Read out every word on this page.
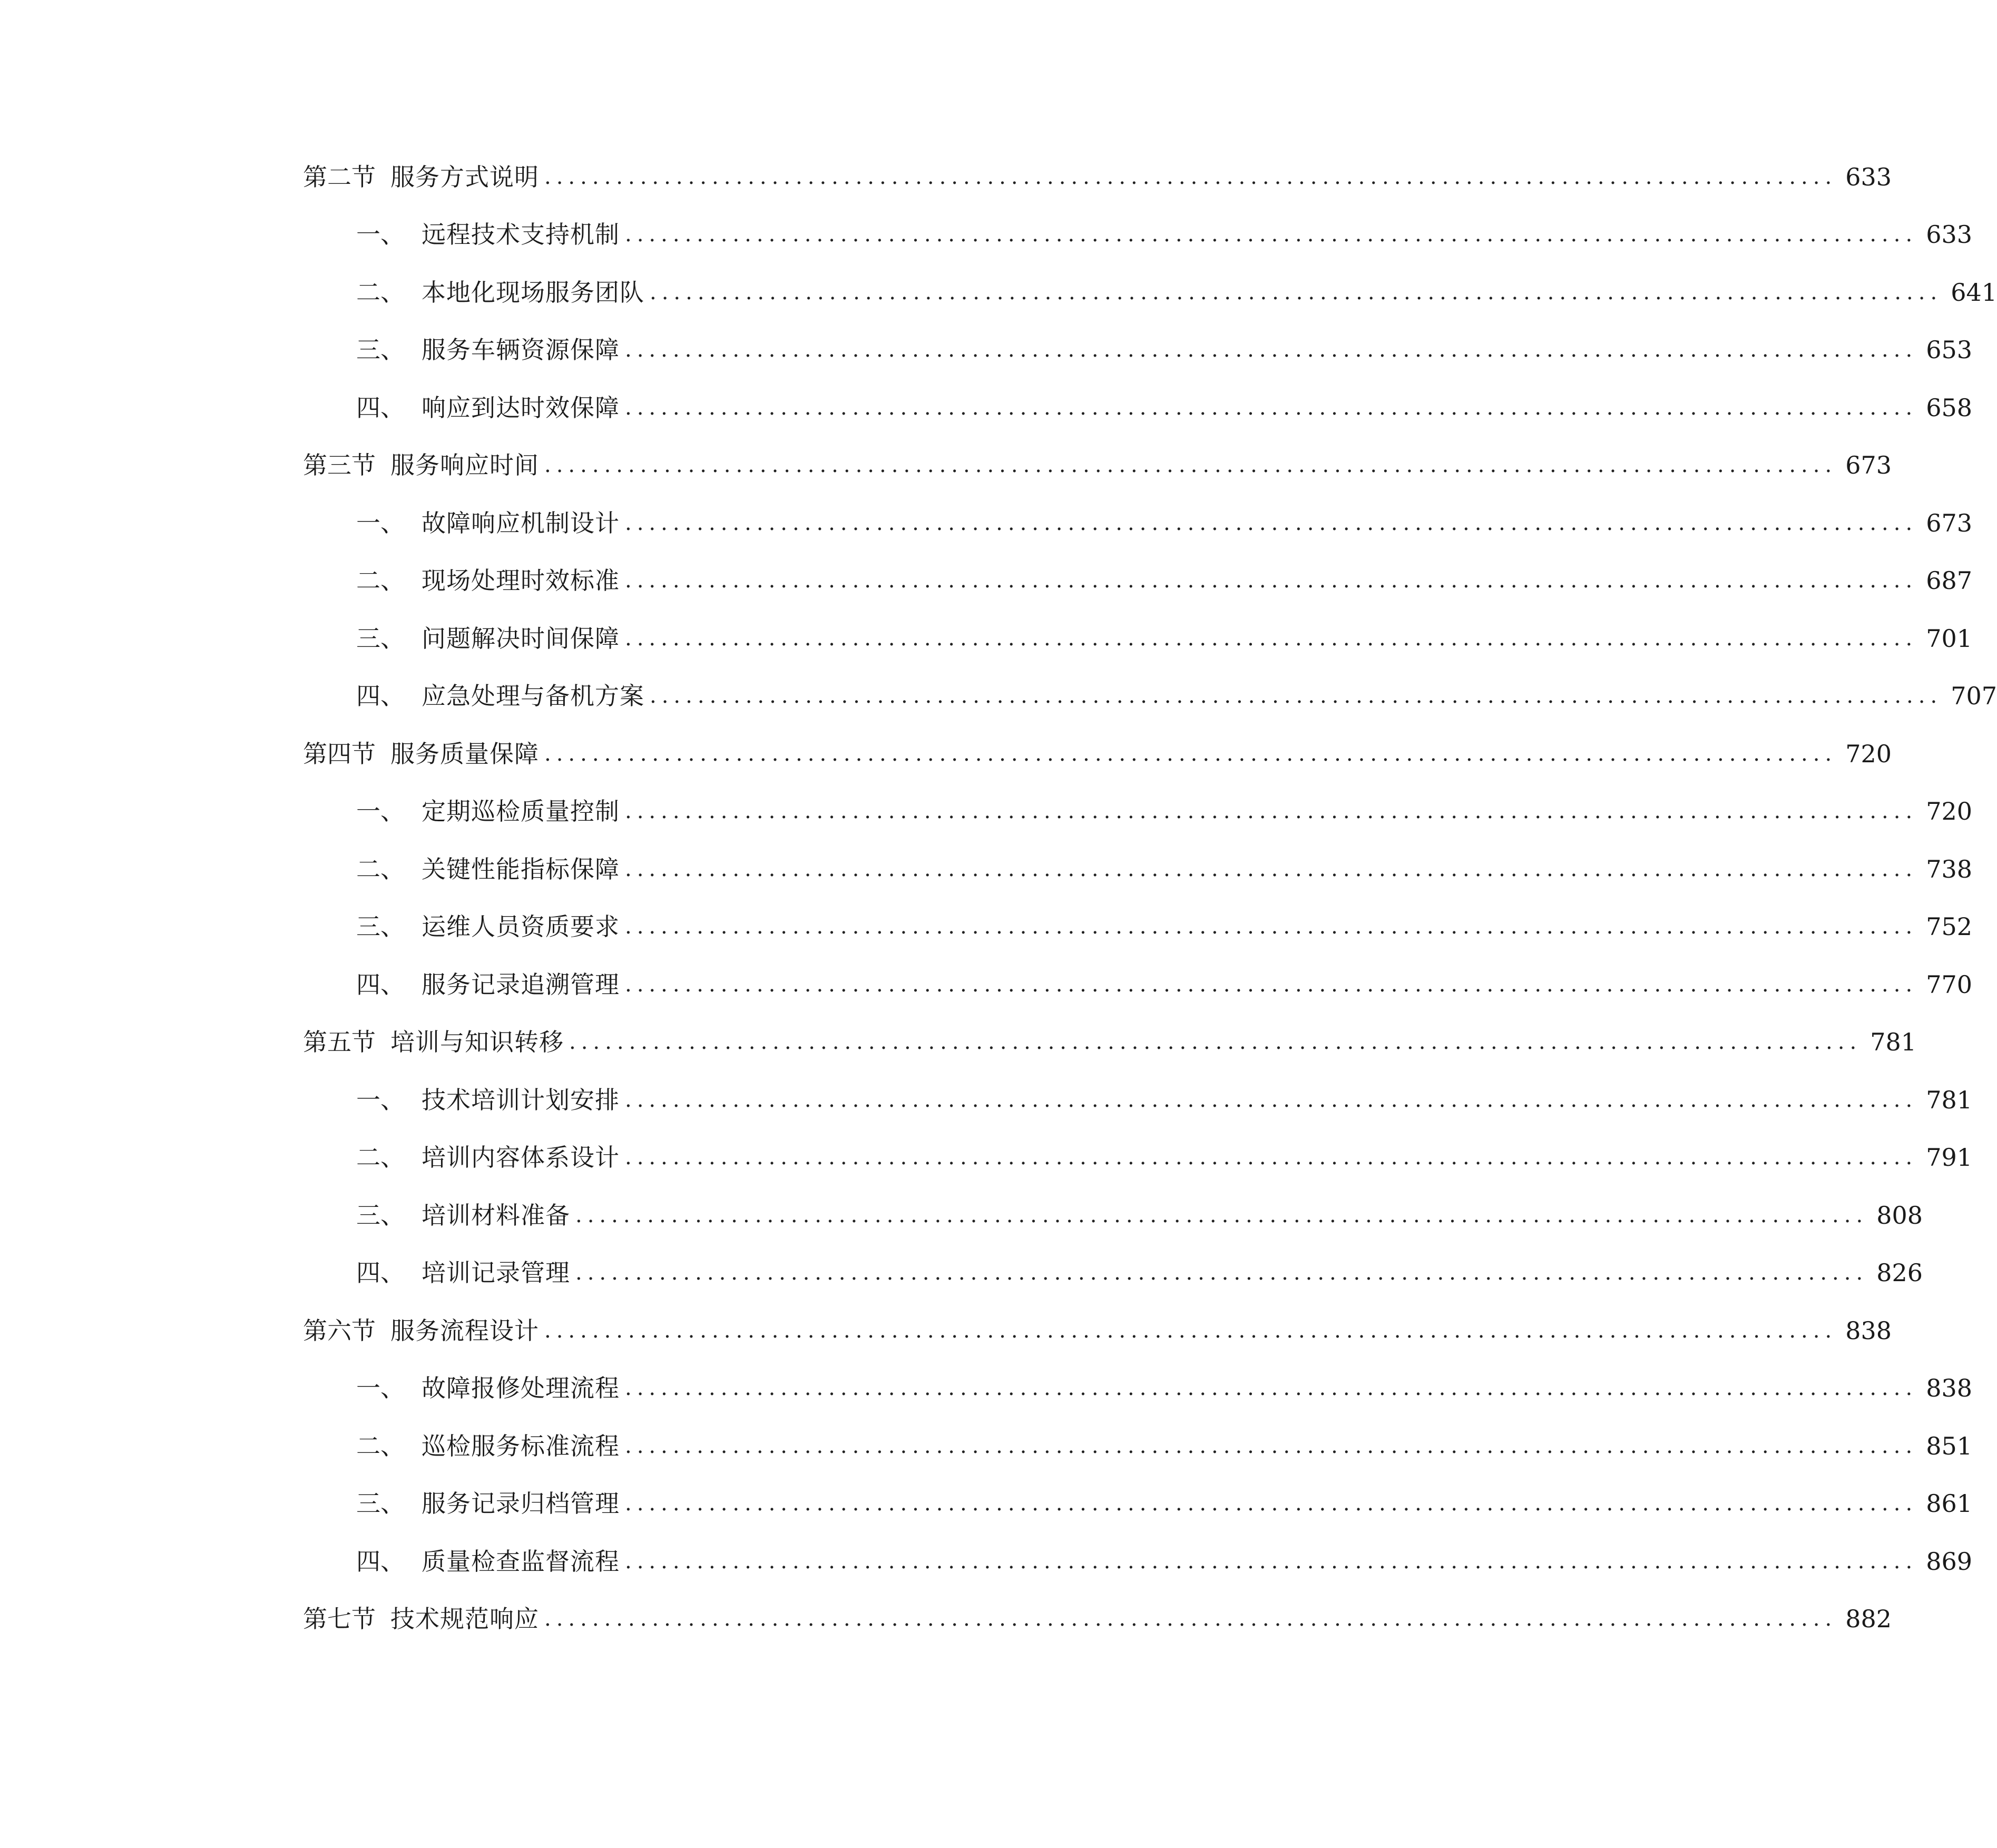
第二节 服务方式说明 ............................................................................................................ 633
一、 远程技术支持机制 ............................................................................................................ 633
二、 本地化现场服务团队 ............................................................................................................ 641
三、 服务车辆资源保障 ............................................................................................................ 653
四、 响应到达时效保障 ............................................................................................................ 658
第三节 服务响应时间 ............................................................................................................ 673
一、 故障响应机制设计 ............................................................................................................ 673
二、 现场处理时效标准 ............................................................................................................ 687
三、 问题解决时间保障 ............................................................................................................ 701
四、 应急处理与备机方案 ............................................................................................................ 707
第四节 服务质量保障 ............................................................................................................ 720
一、 定期巡检质量控制 ............................................................................................................ 720
二、 关键性能指标保障 ............................................................................................................ 738
三、 运维人员资质要求 ............................................................................................................ 752
四、 服务记录追溯管理 ............................................................................................................ 770
第五节 培训与知识转移 ............................................................................................................ 781
一、 技术培训计划安排 ............................................................................................................ 781
二、 培训内容体系设计 ............................................................................................................ 791
三、 培训材料准备 ............................................................................................................ 808
四、 培训记录管理 ............................................................................................................ 826
第六节 服务流程设计 ............................................................................................................ 838
一、 故障报修处理流程 ............................................................................................................ 838
二、 巡检服务标准流程 ............................................................................................................ 851
三、 服务记录归档管理 ............................................................................................................ 861
四、 质量检查监督流程 ............................................................................................................ 869
第七节 技术规范响应 ............................................................................................................ 882
